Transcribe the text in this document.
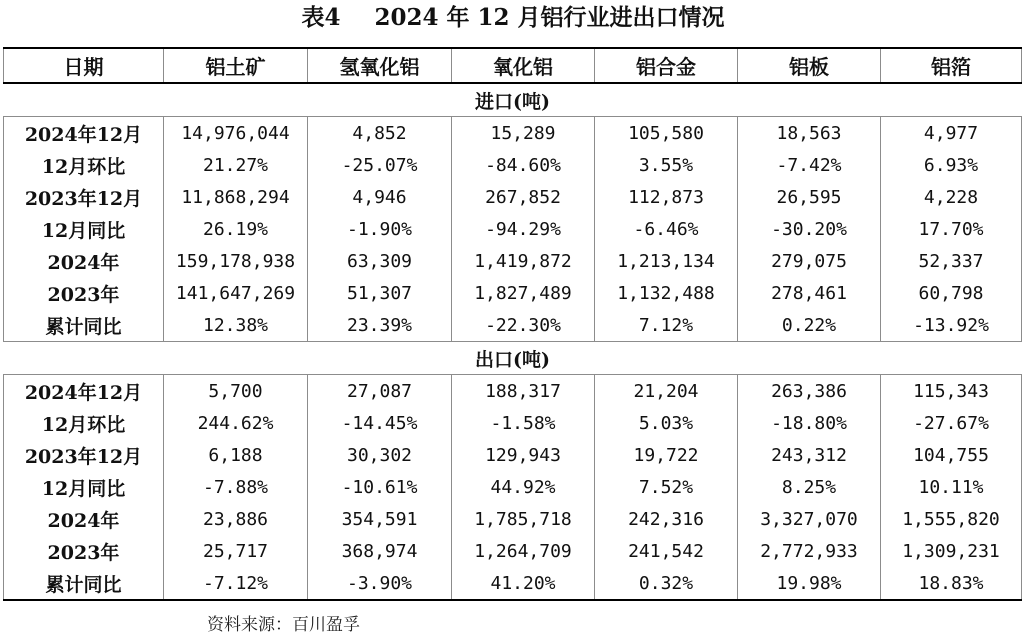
表4 2024 年 12 月铝行业进出口情况
日期	铝土矿	氢氧化铝	氧化铝	铝合金	铝板	铝箔
进口(吨)						
2024年12月	14,976,044	4,852	15,289	105,580	18,563	4,977
12月环比	21.27%	-25.07%	-84.60%	3.55%	-7.42%	6.93%
2023年12月	11,868,294	4,946	267,852	112,873	26,595	4,228
12月同比	26.19%	-1.90%	-94.29%	-6.46%	-30.20%	17.70%
2024年	159,178,938	63,309	1,419,872	1,213,134	279,075	52,337
2023年	141,647,269	51,307	1,827,489	1,132,488	278,461	60,798
累计同比	12.38%	23.39%	-22.30%	7.12%	0.22%	-13.92%
出口(吨)						
2024年12月	5,700	27,087	188,317	21,204	263,386	115,343
12月环比	244.62%	-14.45%	-1.58%	5.03%	-18.80%	-27.67%
2023年12月	6,188	30,302	129,943	19,722	243,312	104,755
12月同比	-7.88%	-10.61%	44.92%	7.52%	8.25%	10.11%
2024年	23,886	354,591	1,785,718	242,316	3,327,070	1,555,820
2023年	25,717	368,974	1,264,709	241,542	2,772,933	1,309,231
累计同比	-7.12%	-3.90%	41.20%	0.32%	19.98%	18.83%
资料来源：百川盈孚
